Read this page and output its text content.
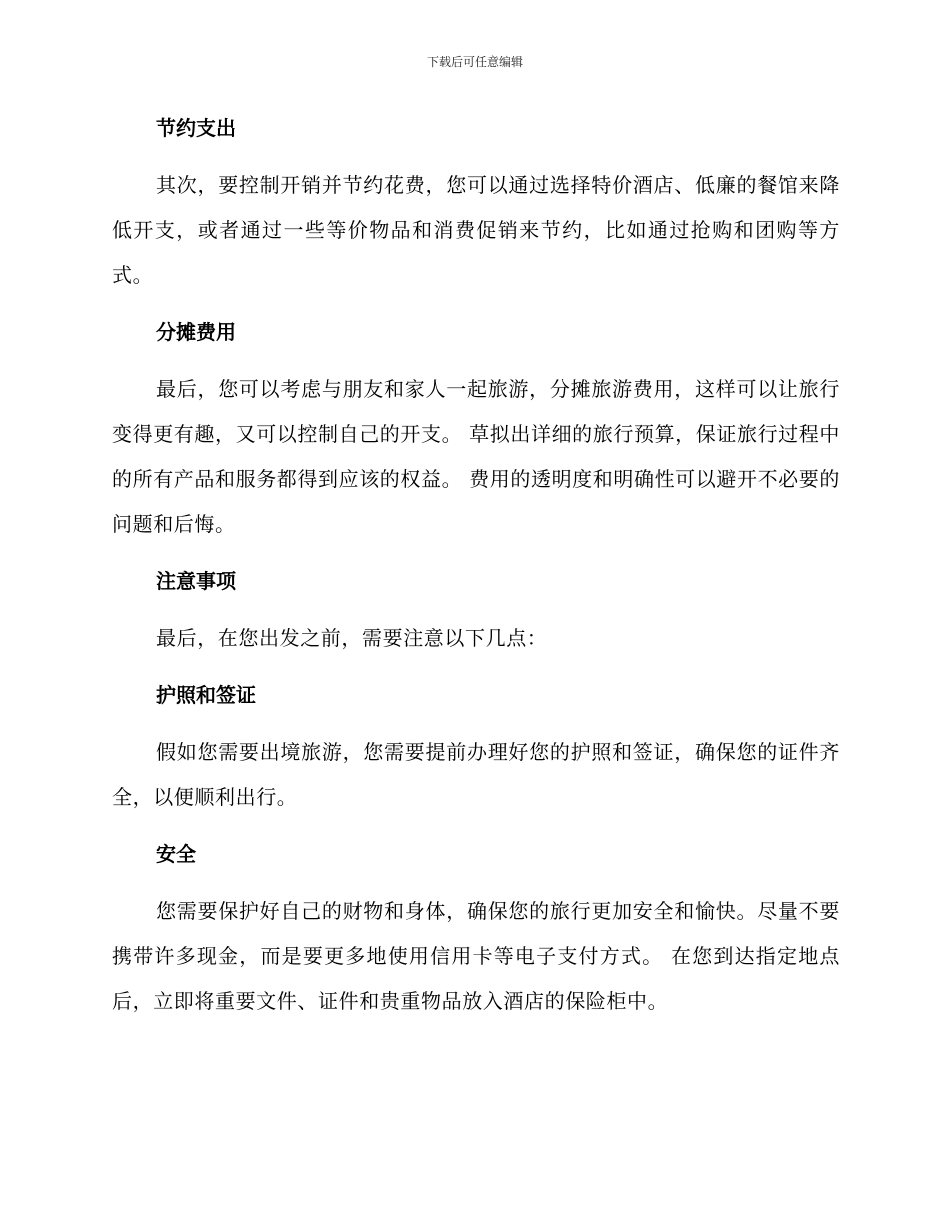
下载后可任意编辑
节约支出

其次，要控制开销并节约花费，您可以通过选择特价酒店、低廉的餐馆来降低开支，或者通过一些等价物品和消费促销来节约，比如通过抢购和团购等方式。

分摊费用

最后，您可以考虑与朋友和家人一起旅游，分摊旅游费用，这样可以让旅行变得更有趣，又可以控制自己的开支。 草拟出详细的旅行预算，保证旅行过程中的所有产品和服务都得到应该的权益。 费用的透明度和明确性可以避开不必要的问题和后悔。

注意事项

最后，在您出发之前，需要注意以下几点：

护照和签证

假如您需要出境旅游，您需要提前办理好您的护照和签证，确保您的证件齐全，以便顺利出行。

安全

您需要保护好自己的财物和身体，确保您的旅行更加安全和愉快。尽量不要携带许多现金，而是要更多地使用信用卡等电子支付方式。 在您到达指定地点后，立即将重要文件、证件和贵重物品放入酒店的保险柜中。
